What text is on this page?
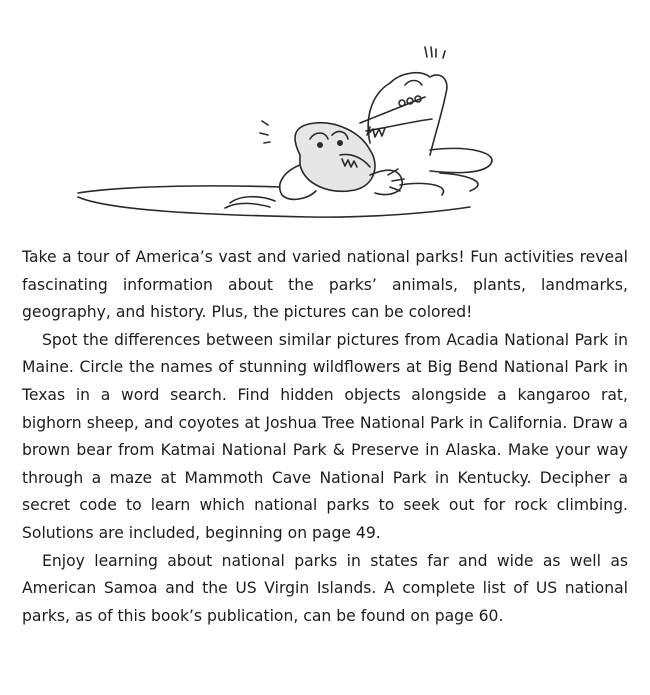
Take a tour of America’s vast and varied national parks! Fun activities reveal fascinating information about the parks’ animals, plants, landmarks, geography, and history. Plus, the pictures can be colored!

Spot the differences between similar pictures from Acadia National Park in Maine. Circle the names of stunning wildflowers at Big Bend National Park in Texas in a word search. Find hidden objects alongside a kangaroo rat, bighorn sheep, and coyotes at Joshua Tree National Park in California. Draw a brown bear from Katmai National Park & Preserve in Alaska. Make your way through a maze at Mammoth Cave National Park in Kentucky. Decipher a secret code to learn which national parks to seek out for rock climbing. Solutions are included, beginning on page 49.

Enjoy learning about national parks in states far and wide as well as American Samoa and the US Virgin Islands. A complete list of US national parks, as of this book’s publication, can be found on page 60.
